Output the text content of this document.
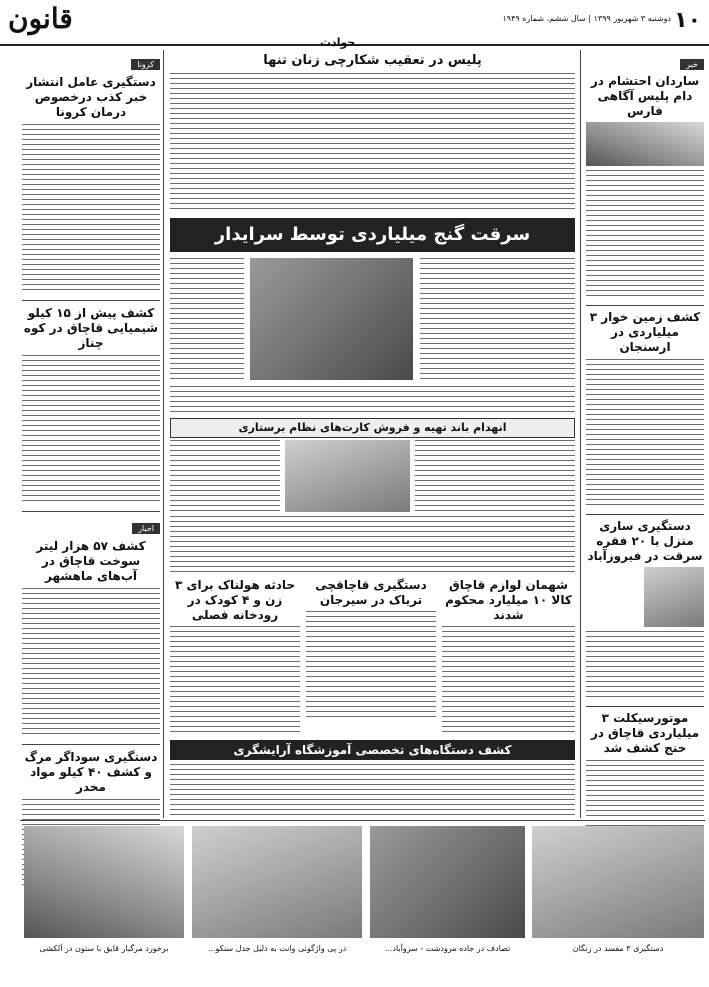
قانون	۱۰
دوشنبه ۳ شهریور ۱۳۹۹ | سال ششم، شماره ۱۹۴۹
حوادث
کرونا
دستگیری عامل انتشار خبر کذب درخصوص درمان کرونا
کشف پیش از ۱۵ کیلو شیمیایی قاچاق در کوه چناز
اخبار
کشف ۵۷ هزار لیتر سوخت قاچاق در آب‌های ماهشهر
دستگیری سوداگر مرگ و کشف ۴۰ کیلو مواد مخدر
پلیس در تعقیب شکارچی زنان تنها
سرقت گنج میلیاردی توسط سرایدار
انهدام باند تهیه و فروش کارت‌های نظام برستاری
حادثه هولناک برای ۳ زن و ۴ کودک در رودخانه فصلی
دستگیری قاچاقچی تریاک در سیرجان
شهمان لوازم قاچاق کالا ۱۰ میلیارد محکوم شدند
کشف دستگاه‌های تخصصی آموزشگاه آرایشگری
خبر
ساردان احتشام در دام پلیس آگاهی فارس
کشف زمین خوار ۳ میلیاردی در ارسنجان
دستگیری ساری منزل با ۲۰ فقره سرقت در فیروزآباد
موتورسیکلت ۳ میلیاردی قاچاق در خنج کشف شد
برخورد مرگبار قایق با ستون در آلکشی	در پی واژگونی وانت به دلیل جدل سنکو...	تصادف در جاده مرودشت - سروآباد...	دستگیری ۳ مفسد در زنگان
